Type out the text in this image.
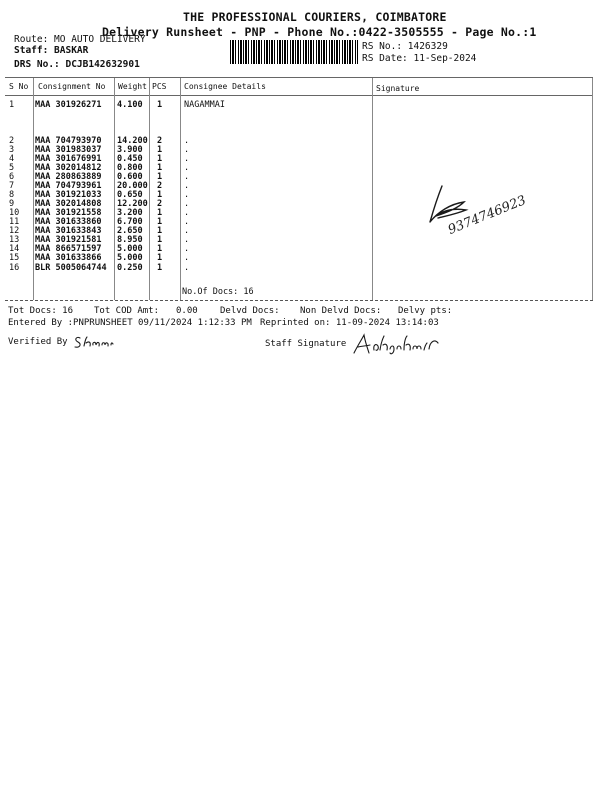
THE PROFESSIONAL COURIERS, COIMBATORE
Delivery Runsheet - PNP - Phone No.:0422-3505555 - Page No.:1
Route: MO AUTO DELIVERY
Staff: BASKAR
DRS No.: DCJB142632901
RS No.: 1426329
RS Date: 11-Sep-2024
S No Consignment No Weight PCS Consignee Details	Signature
1 MAA 301926271 4.100 1	NAGAMMAI
2 MAA 704793970 14.200 2	.
3 MAA 301983037 3.900 1	.
4 MAA 301676991 0.450 1	.
5 MAA 302014812 0.800 1	.
6 MAA 280863889 0.600 1	.
7 MAA 704793961 20.000 2	.
8 MAA 301921033 0.650 1	.
9 MAA 302014808 12.200 2	.
10 MAA 301921558 3.200 1	.
11 MAA 301633860 6.700 1	.
12 MAA 301633843 2.650 1	.
13 MAA 301921581 8.950 1	.
14 MAA 866571597 5.000 1	.
15 MAA 301633866 5.000 1	.
16 BLR 5005064744 0.250 1	.
No.Of Docs: 16
9374746923
Tot Docs: 16 Tot COD Amt: 0.00 Delvd Docs: Non Delvd Docs: Delvy pts:
Entered By :PNPRUNSHEET 09/11/2024 1:12:33 PM Reprinted on: 11-09-2024 13:14:03
Verified By	Staff Signature
